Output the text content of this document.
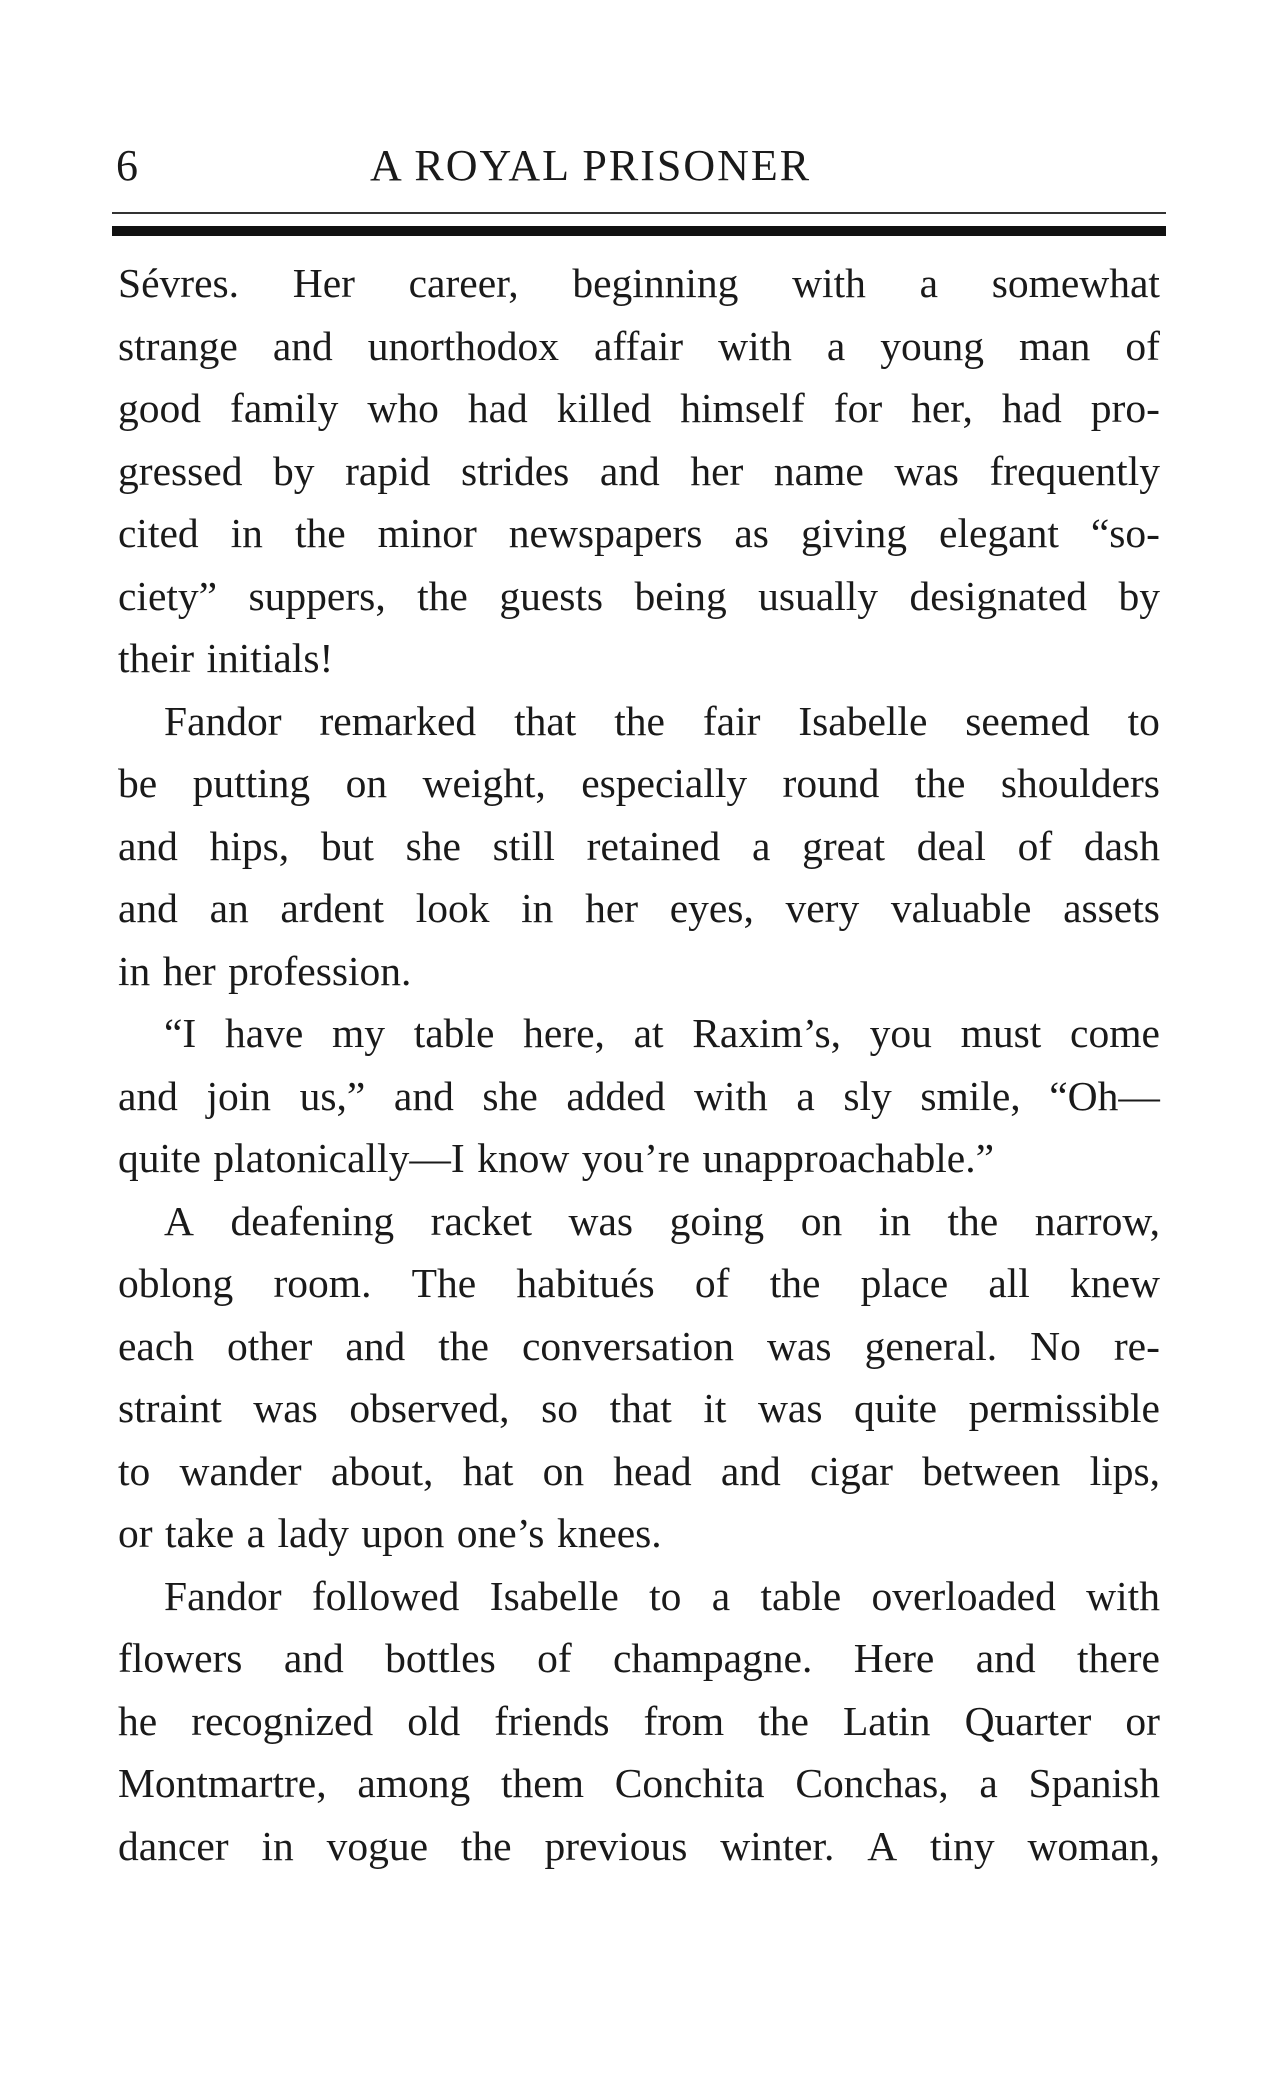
6	A ROYAL PRISONER
Sévres. Her career, beginning with a somewhat
strange and unorthodox affair with a young man of
good family who had killed himself for her, had pro-
gressed by rapid strides and her name was frequently
cited in the minor newspapers as giving elegant “so-
ciety” suppers, the guests being usually designated by
their initials!
Fandor remarked that the fair Isabelle seemed to
be putting on weight, especially round the shoulders
and hips, but she still retained a great deal of dash
and an ardent look in her eyes, very valuable assets
in her profession.
“I have my table here, at Raxim’s, you must come
and join us,” and she added with a sly smile, “Oh—
quite platonically—I know you’re unapproachable.”
A deafening racket was going on in the narrow,
oblong room. The habitués of the place all knew
each other and the conversation was general. No re-
straint was observed, so that it was quite permissible
to wander about, hat on head and cigar between lips,
or take a lady upon one’s knees.
Fandor followed Isabelle to a table overloaded with
flowers and bottles of champagne. Here and there
he recognized old friends from the Latin Quarter or
Montmartre, among them Conchita Conchas, a Spanish
dancer in vogue the previous winter. A tiny woman,
